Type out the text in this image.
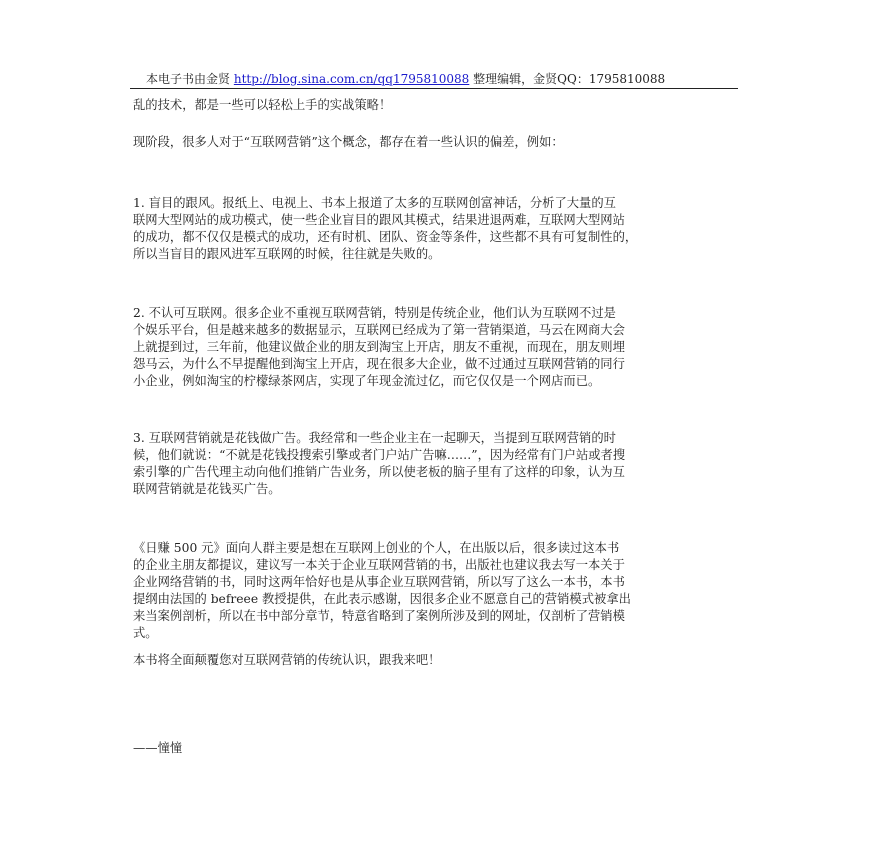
本电子书由金贤 http://blog.sina.com.cn/qq1795810088 整理编辑，金贤QQ：1795810088
乱的技术，都是一些可以轻松上手的实战策略！
现阶段，很多人对于“互联网营销”这个概念，都存在着一些认识的偏差，例如：
1. 盲目的跟风。报纸上、电视上、书本上报道了太多的互联网创富神话，分析了大量的互
联网大型网站的成功模式，使一些企业盲目的跟风其模式，结果进退两难，互联网大型网站
的成功，都不仅仅是模式的成功，还有时机、团队、资金等条件，这些都不具有可复制性的，
所以当盲目的跟风进军互联网的时候，往往就是失败的。
2. 不认可互联网。很多企业不重视互联网营销，特别是传统企业，他们认为互联网不过是
个娱乐平台，但是越来越多的数据显示，互联网已经成为了第一营销渠道，马云在网商大会
上就提到过，三年前，他建议做企业的朋友到淘宝上开店，朋友不重视，而现在，朋友则埋
怨马云，为什么不早提醒他到淘宝上开店，现在很多大企业，做不过通过互联网营销的同行
小企业，例如淘宝的柠檬绿茶网店，实现了年现金流过亿，而它仅仅是一个网店而已。
3. 互联网营销就是花钱做广告。我经常和一些企业主在一起聊天，当提到互联网营销的时
候，他们就说：“不就是花钱投搜索引擎或者门户站广告嘛……”，因为经常有门户站或者搜
索引擎的广告代理主动向他们推销广告业务，所以使老板的脑子里有了这样的印象，认为互
联网营销就是花钱买广告。
《日赚 500 元》面向人群主要是想在互联网上创业的个人，在出版以后，很多读过这本书
的企业主朋友都提议，建议写一本关于企业互联网营销的书，出版社也建议我去写一本关于
企业网络营销的书，同时这两年恰好也是从事企业互联网营销，所以写了这么一本书，本书
提纲由法国的 befreee 教授提供，在此表示感谢，因很多企业不愿意自己的营销模式被拿出
来当案例剖析，所以在书中部分章节，特意省略到了案例所涉及到的网址，仅剖析了营销模
式。
本书将全面颠覆您对互联网营销的传统认识，跟我来吧！
——憧憧
